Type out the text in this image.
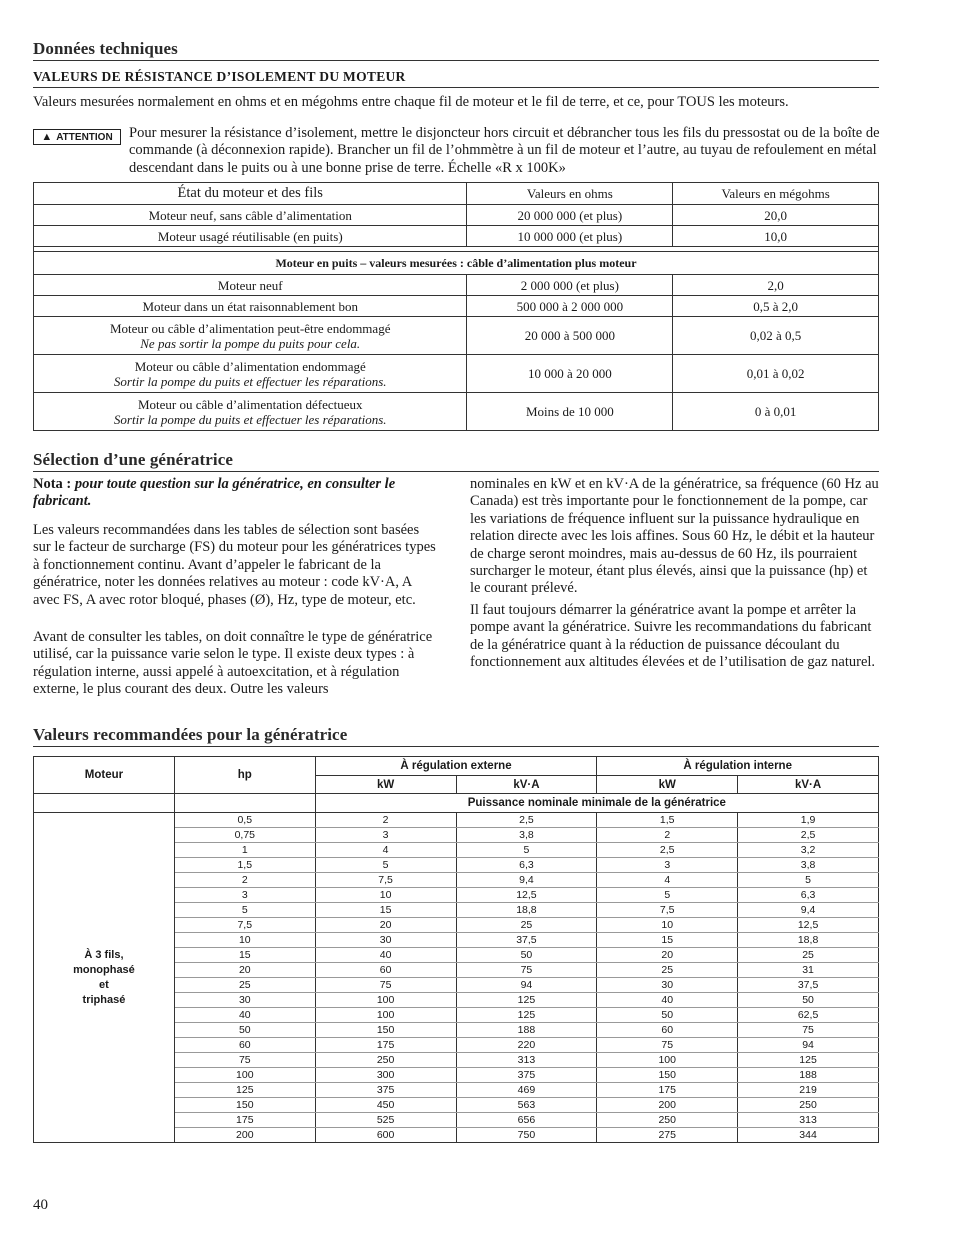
Données techniques
VALEURS DE RÉSISTANCE D’ISOLEMENT DU MOTEUR

Valeurs mesurées normalement en ohms et en mégohms entre chaque fil de moteur et le fil de terre, et ce, pour TOUS les moteurs.

▲ ATTENTION Pour mesurer la résistance d’isolement, mettre le disjoncteur hors circuit et débrancher tous les fils du pressostat ou de la boîte de commande (à déconnexion rapide). Brancher un fil de l’ohmmètre à un fil de moteur et l’autre, au tuyau de refoulement en métal descendant dans le puits ou à une bonne prise de terre. Échelle «R x 100K»

État du moteur et des fils	Valeurs en ohms	Valeurs en mégohms
Moteur neuf, sans câble d’alimentation	20 000 000 (et plus)	20,0
Moteur usagé réutilisable (en puits)	10 000 000 (et plus)	10,0

Moteur en puits – valeurs mesurées : câble d’alimentation plus moteur		
Moteur neuf	2 000 000 (et plus)	2,0
Moteur dans un état raisonnablement bon	500 000 à 2 000 000	0,5 à 2,0

Moteur ou câble d’alimentation peut-être endommagé
Ne pas sortir la pompe du puits pour cela.	20 000 à 500 000	0,02 à 0,5

Moteur ou câble d’alimentation endommagé
Sortir la pompe du puits et effectuer les réparations.	10 000 à 20 000	0,01 à 0,02

Moteur ou câble d’alimentation défectueux
Sortir la pompe du puits et effectuer les réparations.	Moins de 10 000	0 à 0,01
Sélection d’une génératrice

Nota : pour toute question sur la génératrice, en consulter le fabricant.

Les valeurs recommandées dans les tables de sélection sont basées sur le facteur de surcharge (FS) du moteur pour les génératrices types à fonctionnement continu. Avant d’appeler le fabricant de la génératrice, noter les données relatives au moteur : code kV·A, A avec FS, A avec rotor bloqué, phases (Ø), Hz, type de moteur, etc.

Avant de consulter les tables, on doit connaître le type de génératrice utilisé, car la puissance varie selon le type. Il existe deux types : à régulation interne, aussi appelé à autoexcitation, et à régulation externe, le plus courant des deux. Outre les valeurs

nominales en kW et en kV·A de la génératrice, sa fréquence (60 Hz au Canada) est très importante pour le fonctionnement de la pompe, car les variations de fréquence influent sur la puissance hydraulique en relation directe avec les lois affines. Sous 60 Hz, le débit et la hauteur de charge seront moindres, mais au-dessus de 60 Hz, ils pourraient surcharger le moteur, étant plus élevés, ainsi que la puissance (hp) et le courant prélevé.

Il faut toujours démarrer la génératrice avant la pompe et arrêter la pompe avant la génératrice. Suivre les recommandations du fabricant de la génératrice quant à la réduction de puissance découlant du fonctionnement aux altitudes élevées et de l’utilisation de gaz naturel.

Valeurs recommandées pour la génératrice
Moteur	hp	À régulation externe		À régulation interne	
		kW	kV·A	kW	kV·A
		Puissance nominale minimale de la génératrice			
À 3 fils,
monophasé
et
triphasé	0,5	2	2,5	1,5	1,9
	0,75	3	3,8	2	2,5
	1	4	5	2,5	3,2
	1,5	5	6,3	3	3,8
	2	7,5	9,4	4	5
	3	10	12,5	5	6,3
	5	15	18,8	7,5	9,4
	7,5	20	25	10	12,5
	10	30	37,5	15	18,8
	15	40	50	20	25
	20	60	75	25	31
	25	75	94	30	37,5
	30	100	125	40	50
	40	100	125	50	62,5
	50	150	188	60	75
	60	175	220	75	94
	75	250	313	100	125
	100	300	375	150	188
	125	375	469	175	219
	150	450	563	200	250
	175	525	656	250	313
	200	600	750	275	344
40
